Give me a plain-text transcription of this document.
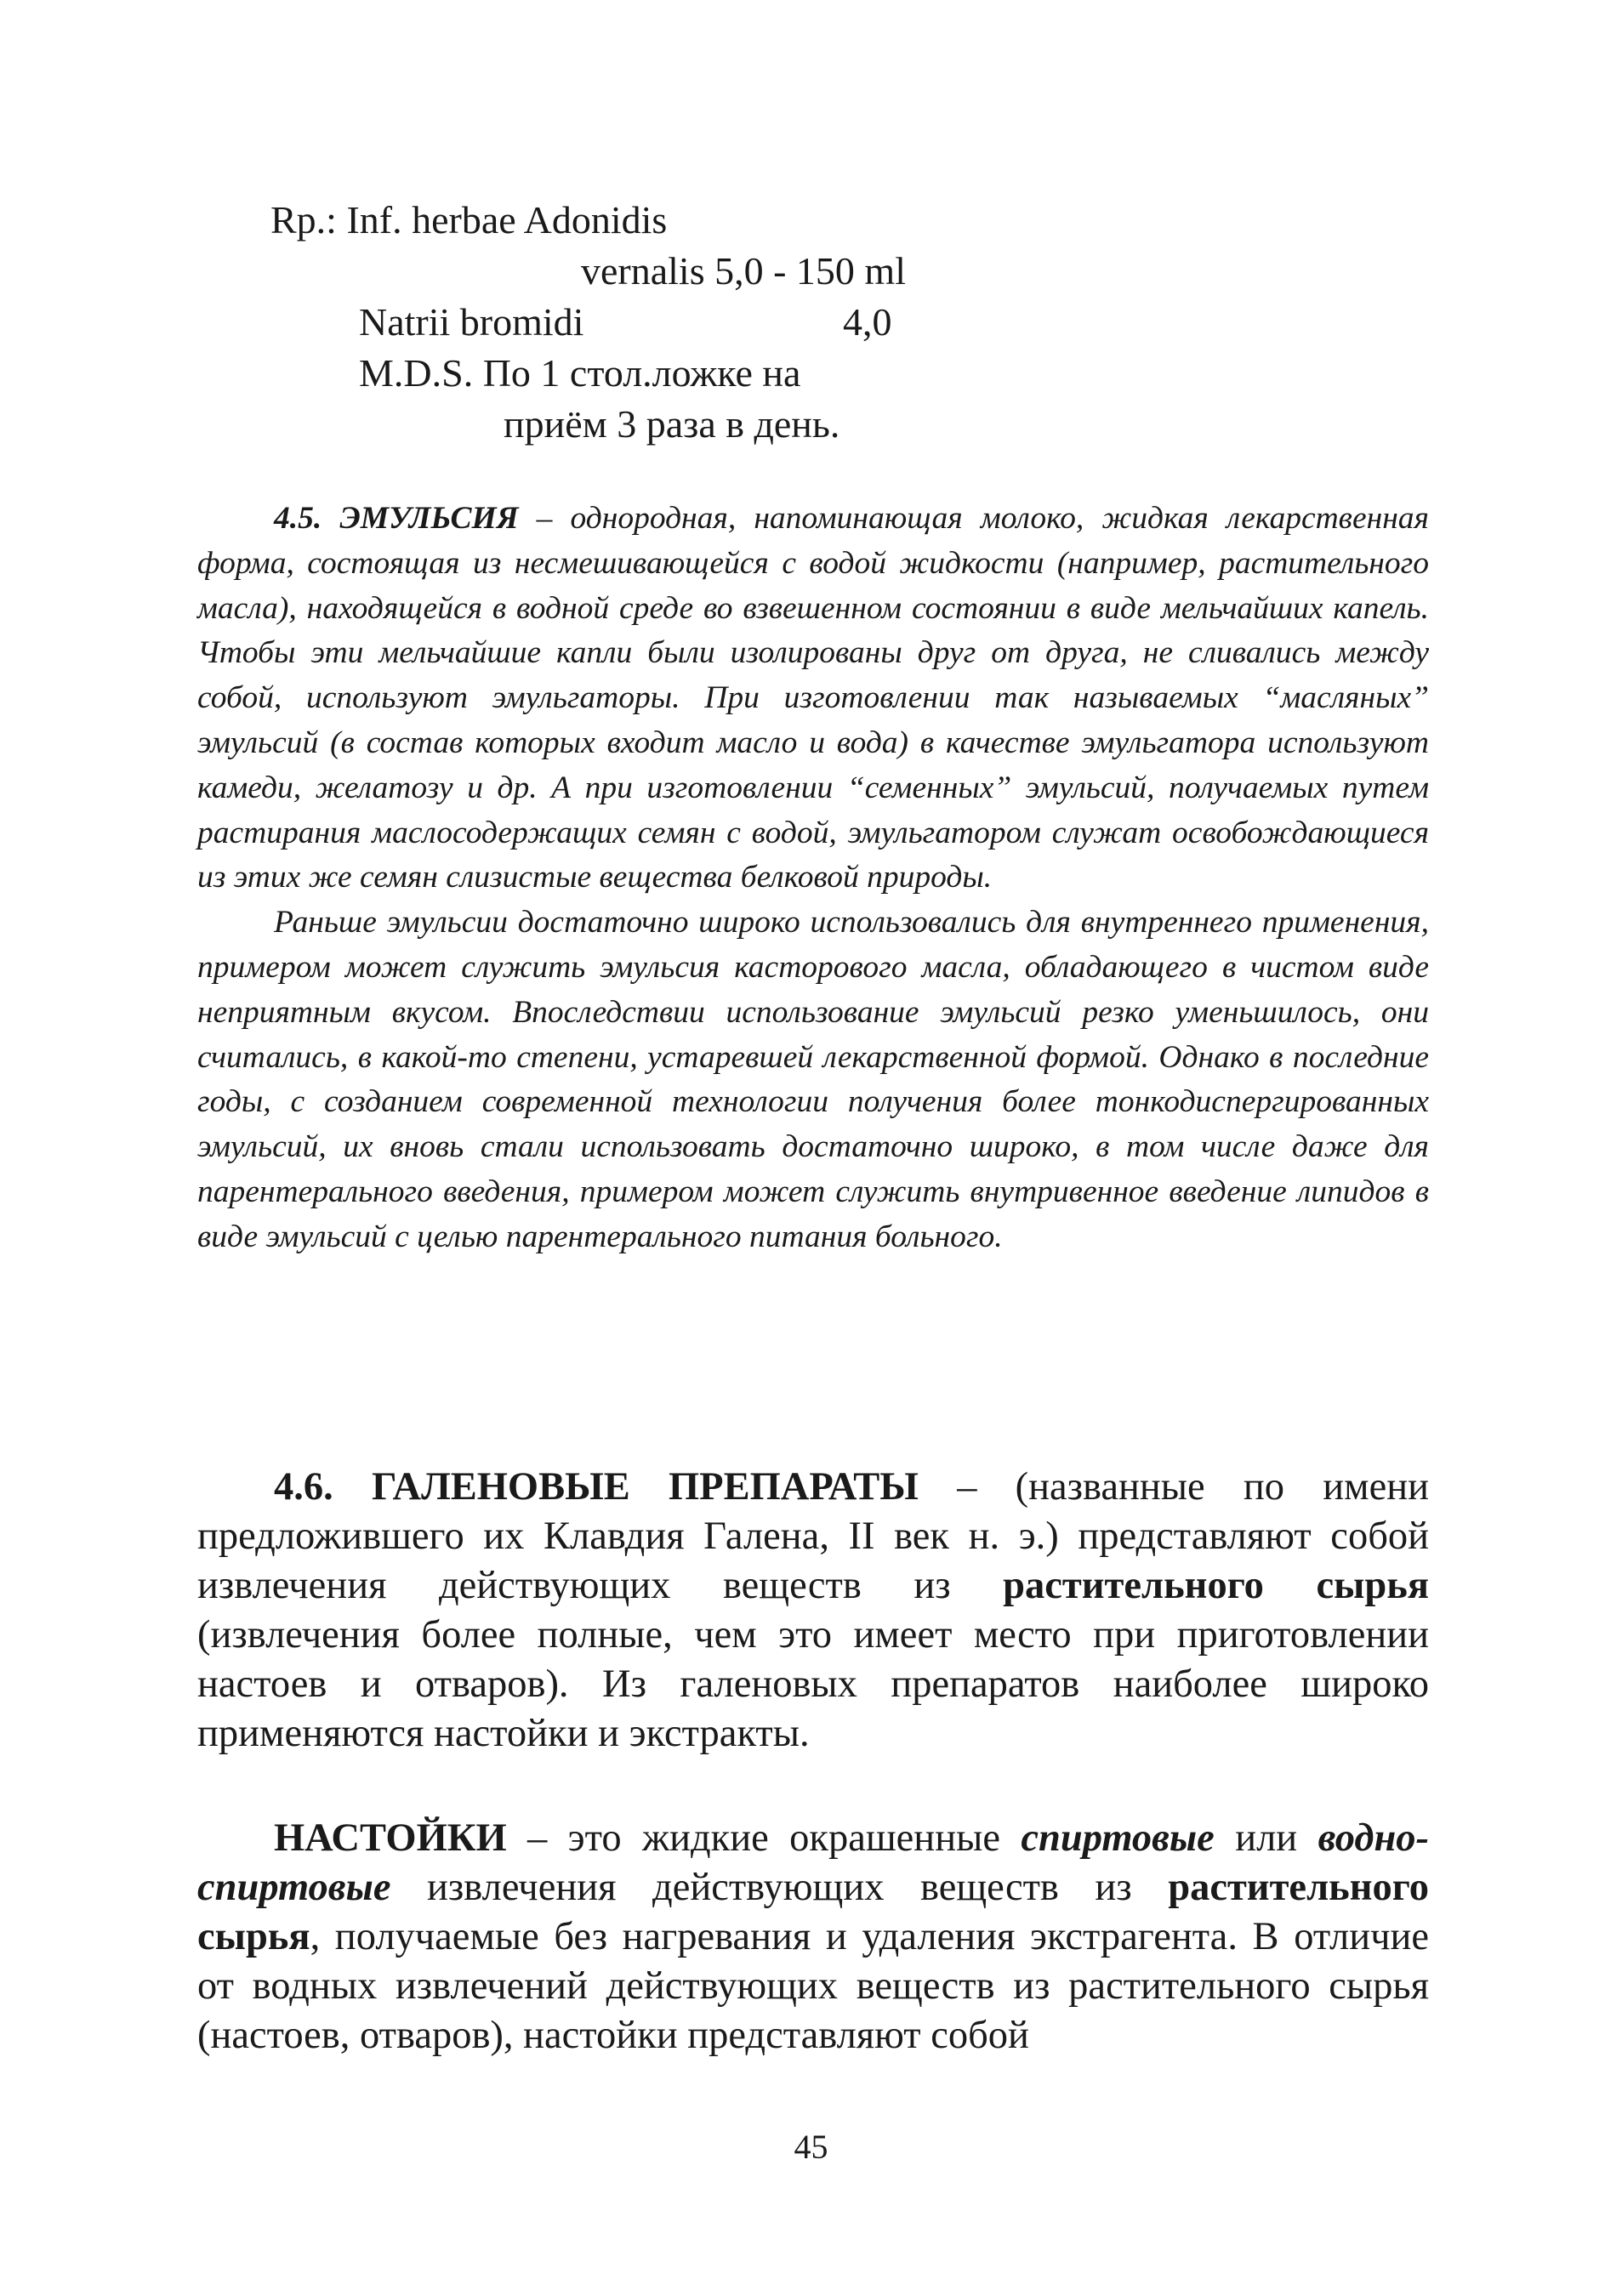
Rp.: Inf. herbae Adonidis
vernalis 5,0 - 150 ml
Natrii bromidi	4,0
M.D.S. По 1 стол.ложке на
приём 3 раза в день.
4.5. ЭМУЛЬСИЯ – однородная, напоминающая молоко, жидкая лекарственная форма, состоящая из несмешивающейся с водой жидкости (например, растительного масла), находящейся в водной среде во взвешенном состоянии в виде мельчайших капель. Чтобы эти мельчайшие капли были изолированы друг от друга, не сливались между собой, используют эмульгаторы. При изготовлении так называемых “масляных” эмульсий (в состав которых входит масло и вода) в качестве эмульгатора используют камеди, желатозу и др. А при изготовлении “семенных” эмульсий, получаемых путем растирания маслосодержащих семян с водой, эмульгатором служат освобождающиеся из этих же семян слизистые вещества белковой природы.
Раньше эмульсии достаточно широко использовались для внутреннего применения, примером может служить эмульсия касторового масла, обладающего в чистом виде неприятным вкусом. Впоследствии использование эмульсий резко уменьшилось, они считались, в какой-то степени, устаревшей лекарственной формой. Однако в последние годы, с созданием современной технологии получения более тонкодиспергированных эмульсий, их вновь стали использовать достаточно широко, в том числе даже для парентерального введения, примером может служить внутривенное введение липидов в виде эмульсий с целью парентерального питания больного.

4.6. ГАЛЕНОВЫЕ ПРЕПАРАТЫ – (названные по имени предложившего их Клавдия Галена, II век н. э.) представляют собой извлечения действующих веществ из растительного сырья (извлечения более полные, чем это имеет место при приготовлении настоев и отваров). Из галеновых препаратов наиболее широко применяются настойки и экстракты.

НАСТОЙКИ – это жидкие окрашенные спиртовые или водно-спиртовые извлечения действующих веществ из растительного сырья, получаемые без нагревания и удаления экстрагента. В отличие от водных извлечений действующих веществ из растительного сырья (настоев, отваров), настойки представляют собой

45
